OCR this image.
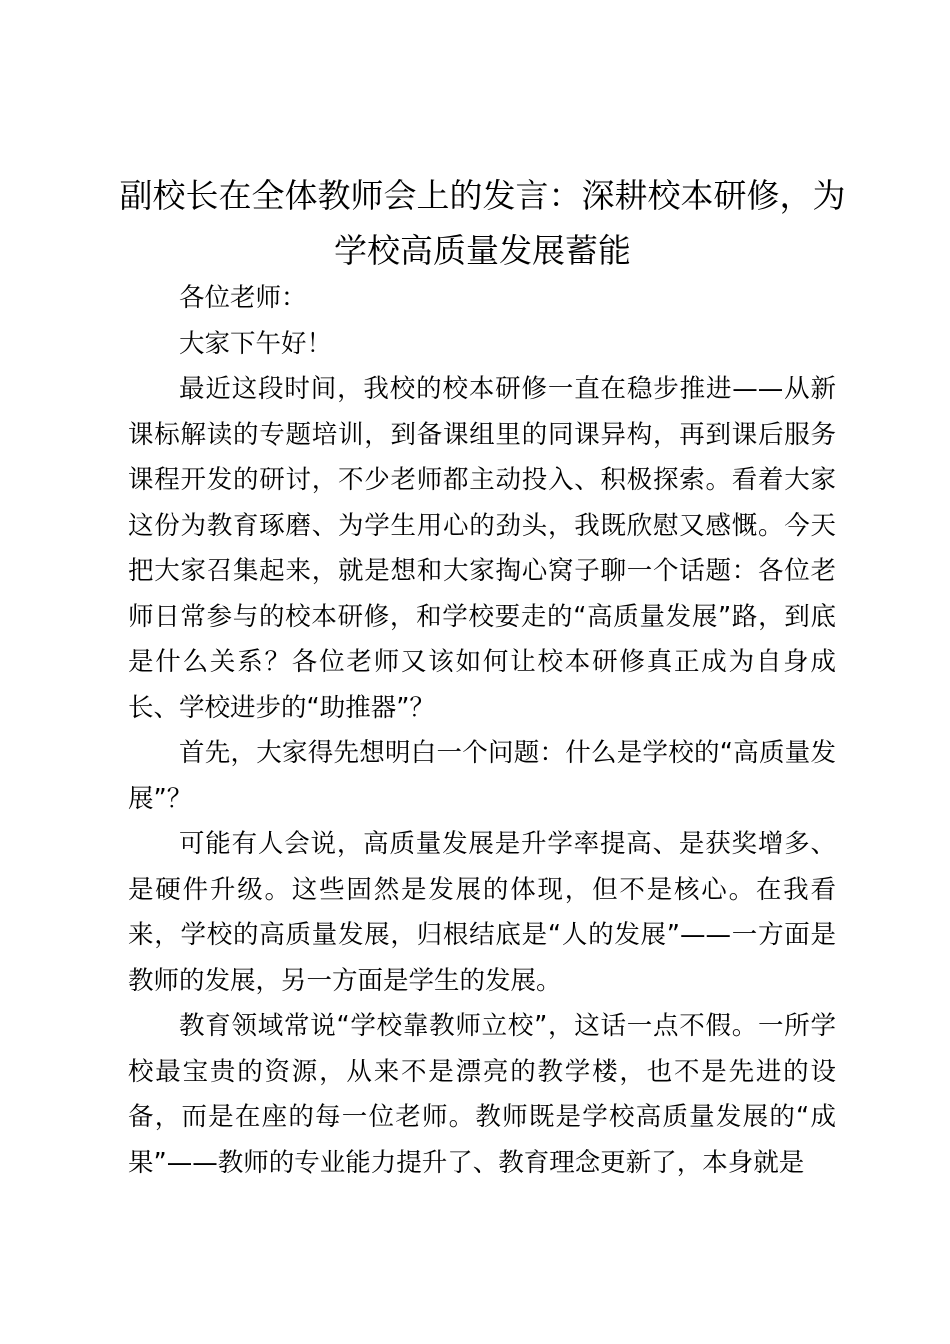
副校长在全体教师会上的发言：深耕校本研修，为学校高质量发展蓄能

各位老师：

大家下午好！

最近这段时间，我校的校本研修一直在稳步推进——从新课标解读的专题培训，到备课组里的同课异构，再到课后服务课程开发的研讨，不少老师都主动投入、积极探索。看着大家这份为教育琢磨、为学生用心的劲头，我既欣慰又感慨。今天把大家召集起来，就是想和大家掏心窝子聊一个话题：各位老师日常参与的校本研修，和学校要走的“高质量发展”路，到底是什么关系？各位老师又该如何让校本研修真正成为自身成长、学校进步的“助推器”？

首先，大家得先想明白一个问题：什么是学校的“高质量发展”？

可能有人会说，高质量发展是升学率提高、是获奖增多、是硬件升级。这些固然是发展的体现，但不是核心。在我看来，学校的高质量发展，归根结底是“人的发展”——一方面是教师的发展，另一方面是学生的发展。

教育领域常说“学校靠教师立校”，这话一点不假。一所学校最宝贵的资源，从来不是漂亮的教学楼，也不是先进的设备，而是在座的每一位老师。教师既是学校高质量发展的“成果”——教师的专业能力提升了、教育理念更新了，本身就是
